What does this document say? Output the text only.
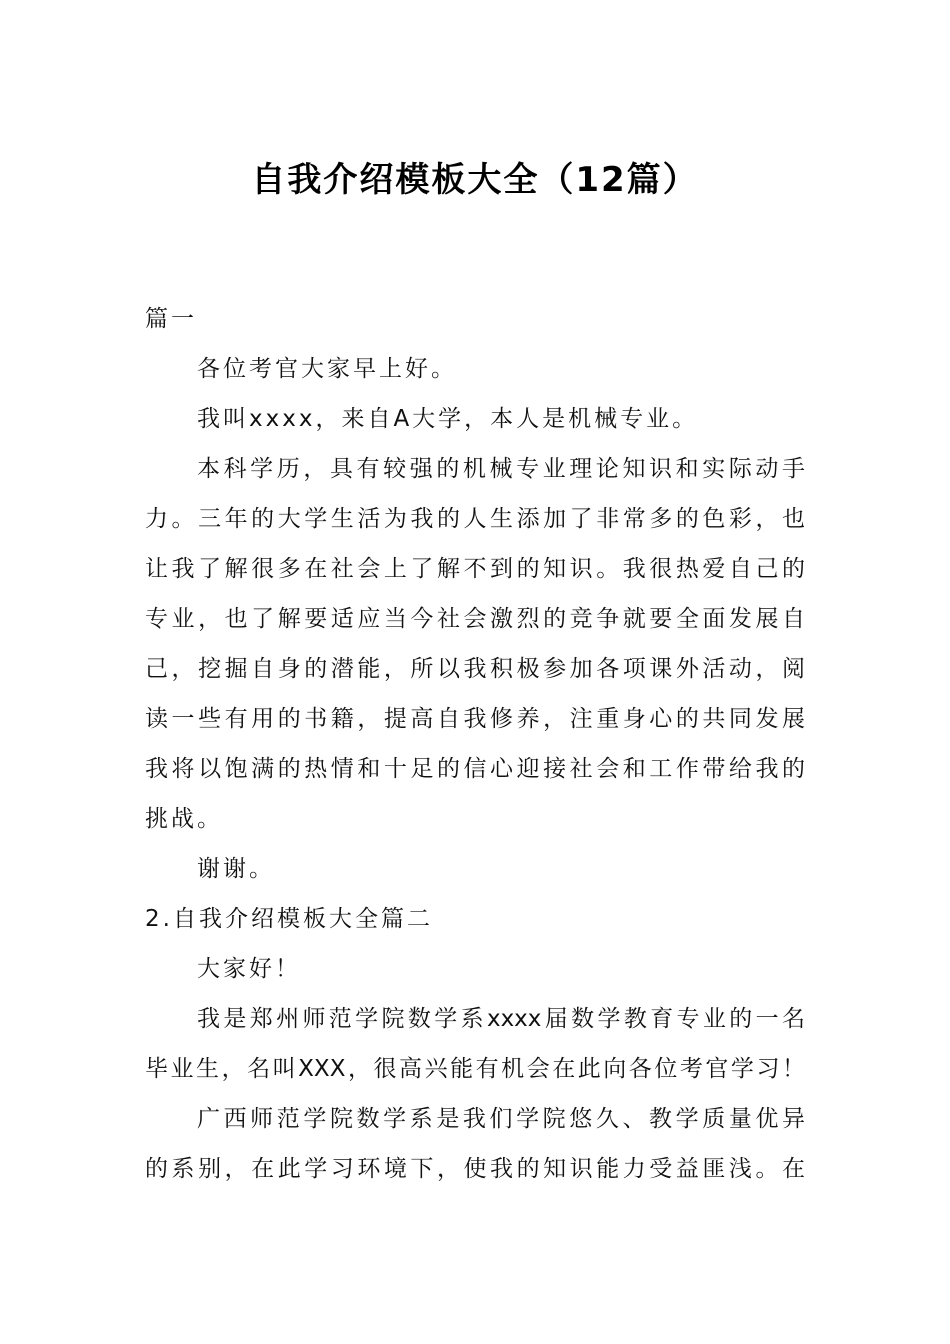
自我介绍模板大全（12篇）
篇一
各位考官大家早上好。
我叫xxxx，来自A大学，本人是机械专业。
本科学历，具有较强的机械专业理论知识和实际动手
力。三年的大学生活为我的人生添加了非常多的色彩，也
让我了解很多在社会上了解不到的知识。我很热爱自己的
专业，也了解要适应当今社会激烈的竞争就要全面发展自
己，挖掘自身的潜能，所以我积极参加各项课外活动，阅
读一些有用的书籍，提高自我修养，注重身心的共同发展
我将以饱满的热情和十足的信心迎接社会和工作带给我的
挑战。
谢谢。
2.自我介绍模板大全篇二
大家好！
我是郑州师范学院数学系xxxx届数学教育专业的一名
毕业生，名叫XXX，很高兴能有机会在此向各位考官学习！
广西师范学院数学系是我们学院悠久、教学质量优异
的系别，在此学习环境下，使我的知识能力受益匪浅。在
